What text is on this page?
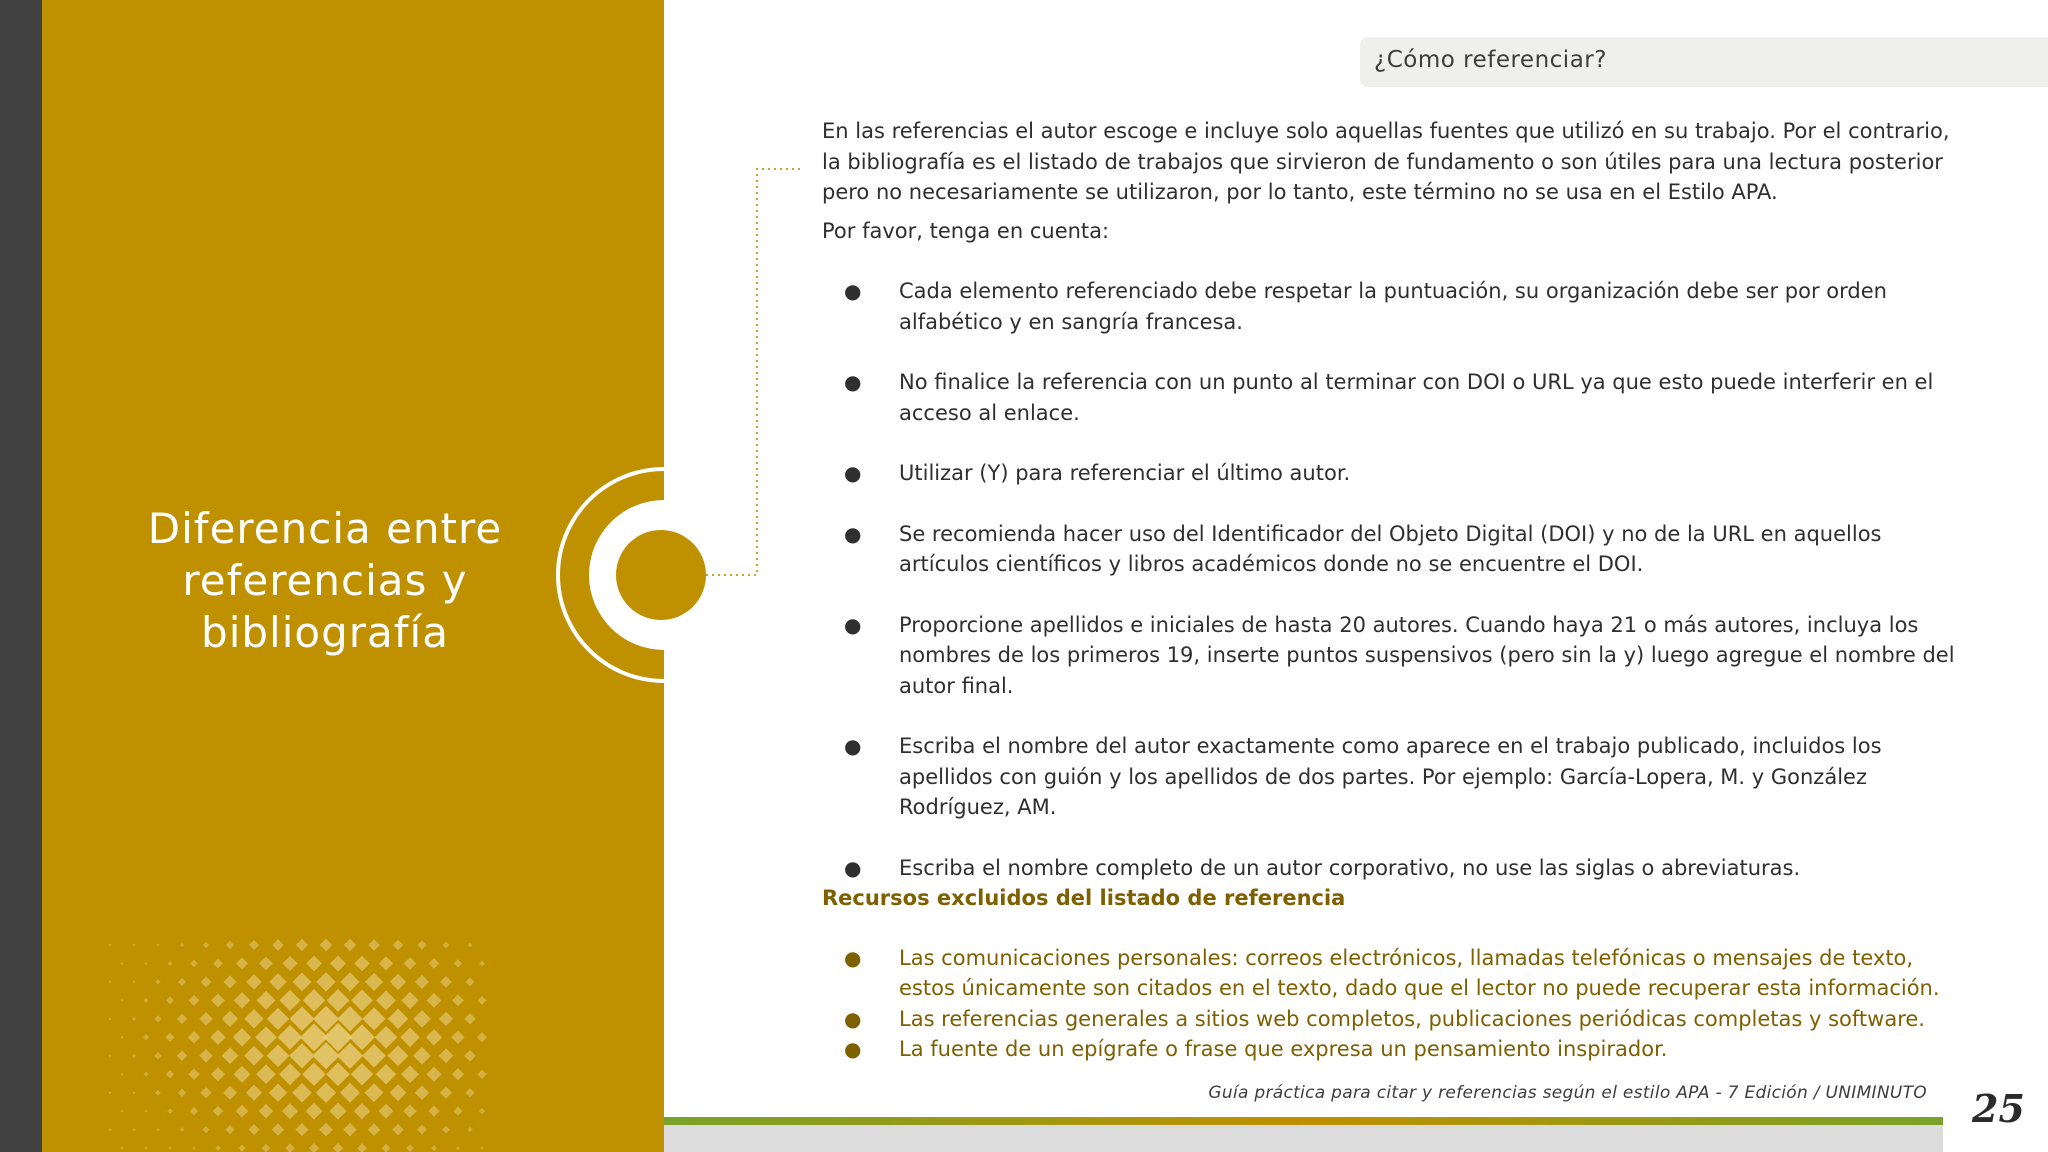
Diferencia entre referencias y bibliografía
¿Cómo referenciar?

En las referencias el autor escoge e incluye solo aquellas fuentes que utilizó en su trabajo. Por el contrario, la bibliografía es el listado de trabajos que sirvieron de fundamento o son útiles para una lectura posterior pero no necesariamente se utilizaron, por lo tanto, este término no se usa en el Estilo APA.

Por favor, tenga en cuenta:

● Cada elemento referenciado debe respetar la puntuación, su organización debe ser por orden alfabético y en sangría francesa.
● No finalice la referencia con un punto al terminar con DOI o URL ya que esto puede interferir en el acceso al enlace.
● Utilizar (Y) para referenciar el último autor.
● Se recomienda hacer uso del Identificador del Objeto Digital (DOI) y no de la URL en aquellos artículos científicos y libros académicos donde no se encuentre el DOI.
● Proporcione apellidos e iniciales de hasta 20 autores. Cuando haya 21 o más autores, incluya los nombres de los primeros 19, inserte puntos suspensivos (pero sin la y) luego agregue el nombre del autor final.
● Escriba el nombre del autor exactamente como aparece en el trabajo publicado, incluidos los apellidos con guión y los apellidos de dos partes. Por ejemplo: García-Lopera, M. y González Rodríguez, AM.
● Escriba el nombre completo de un autor corporativo, no use las siglas o abreviaturas.

Recursos excluidos del listado de referencia

● Las comunicaciones personales: correos electrónicos, llamadas telefónicas o mensajes de texto, estos únicamente son citados en el texto, dado que el lector no puede recuperar esta información.
● Las referencias generales a sitios web completos, publicaciones periódicas completas y software.
● La fuente de un epígrafe o frase que expresa un pensamiento inspirador.
Guía práctica para citar y referencias según el estilo APA - 7 Edición / UNIMINUTO 25
